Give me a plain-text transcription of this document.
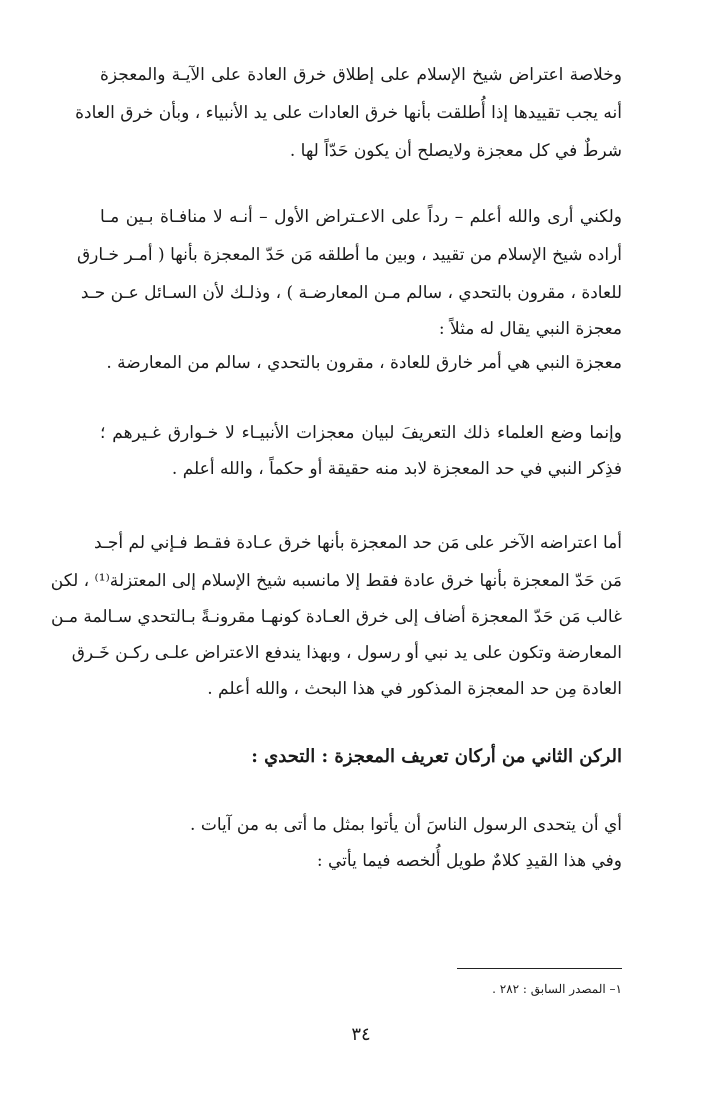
وخلاصة اعتراض شيخ الإسلام على إطلاق خرق العادة على الآيـة والمعجزة
أنه يجب تقييدها إذا أُطلقت بأنها خرق العادات على يد الأنبياء ، وبأن خرق العادة
شرطٌ في كل معجزة ولايصلح أن يكون حَدّاً لها .
ولكني أرى والله أعلم – رداً على الاعـتراض الأول – أنـه لا منافـاة بـين مـا
أراده شيخ الإسلام من تقييد ، وبين ما أطلقه مَن حَدّ المعجزة بأنها ( أمـر خـارق
للعادة ، مقرون بالتحدي ، سالم مـن المعارضـة ) ، وذلـك لأن السـائل عـن حـد
معجزة النبي يقال له مثلاً :
معجزة النبي هي أمر خارق للعادة ، مقرون بالتحدي ، سالم من المعارضة .
وإنما وضع العلماء ذلك التعريفَ لبيان معجزات الأنبيـاء لا خـوارق غـيرهم ؛
فذِكر النبي في حد المعجزة لابد منه حقيقة أو حكماً ، والله أعلم .
أما اعتراضه الآخر على مَن حد المعجزة بأنها خرق عـادة فقـط فـإني لم أجـد
مَن حَدّ المعجزة بأنها خرق عادة فقط إلا مانسبه شيخ الإسلام إلى المعتزلة⁽¹⁾ ، لكن
غالب مَن حَدّ المعجزة أضاف إلى خرق العـادة كونهـا مقرونـةً بـالتحدي سـالمة مـن
المعارضة وتكون على يد نبي أو رسول ، وبهذا يندفع الاعتراض علـى ركـن خَـرق
العادة مِن حد المعجزة المذكور في هذا البحث ، والله أعلم .
الركن الثاني من أركان تعريف المعجزة : التحدي :
أي أن يتحدى الرسول الناسَ أن يأتوا بمثل ما أتى به من آيات .
وفي هذا القيدِ كلامٌ طويل أُلخصه فيما يأتي :
١– المصدر السابق : ٢٨٢ .
٣٤
